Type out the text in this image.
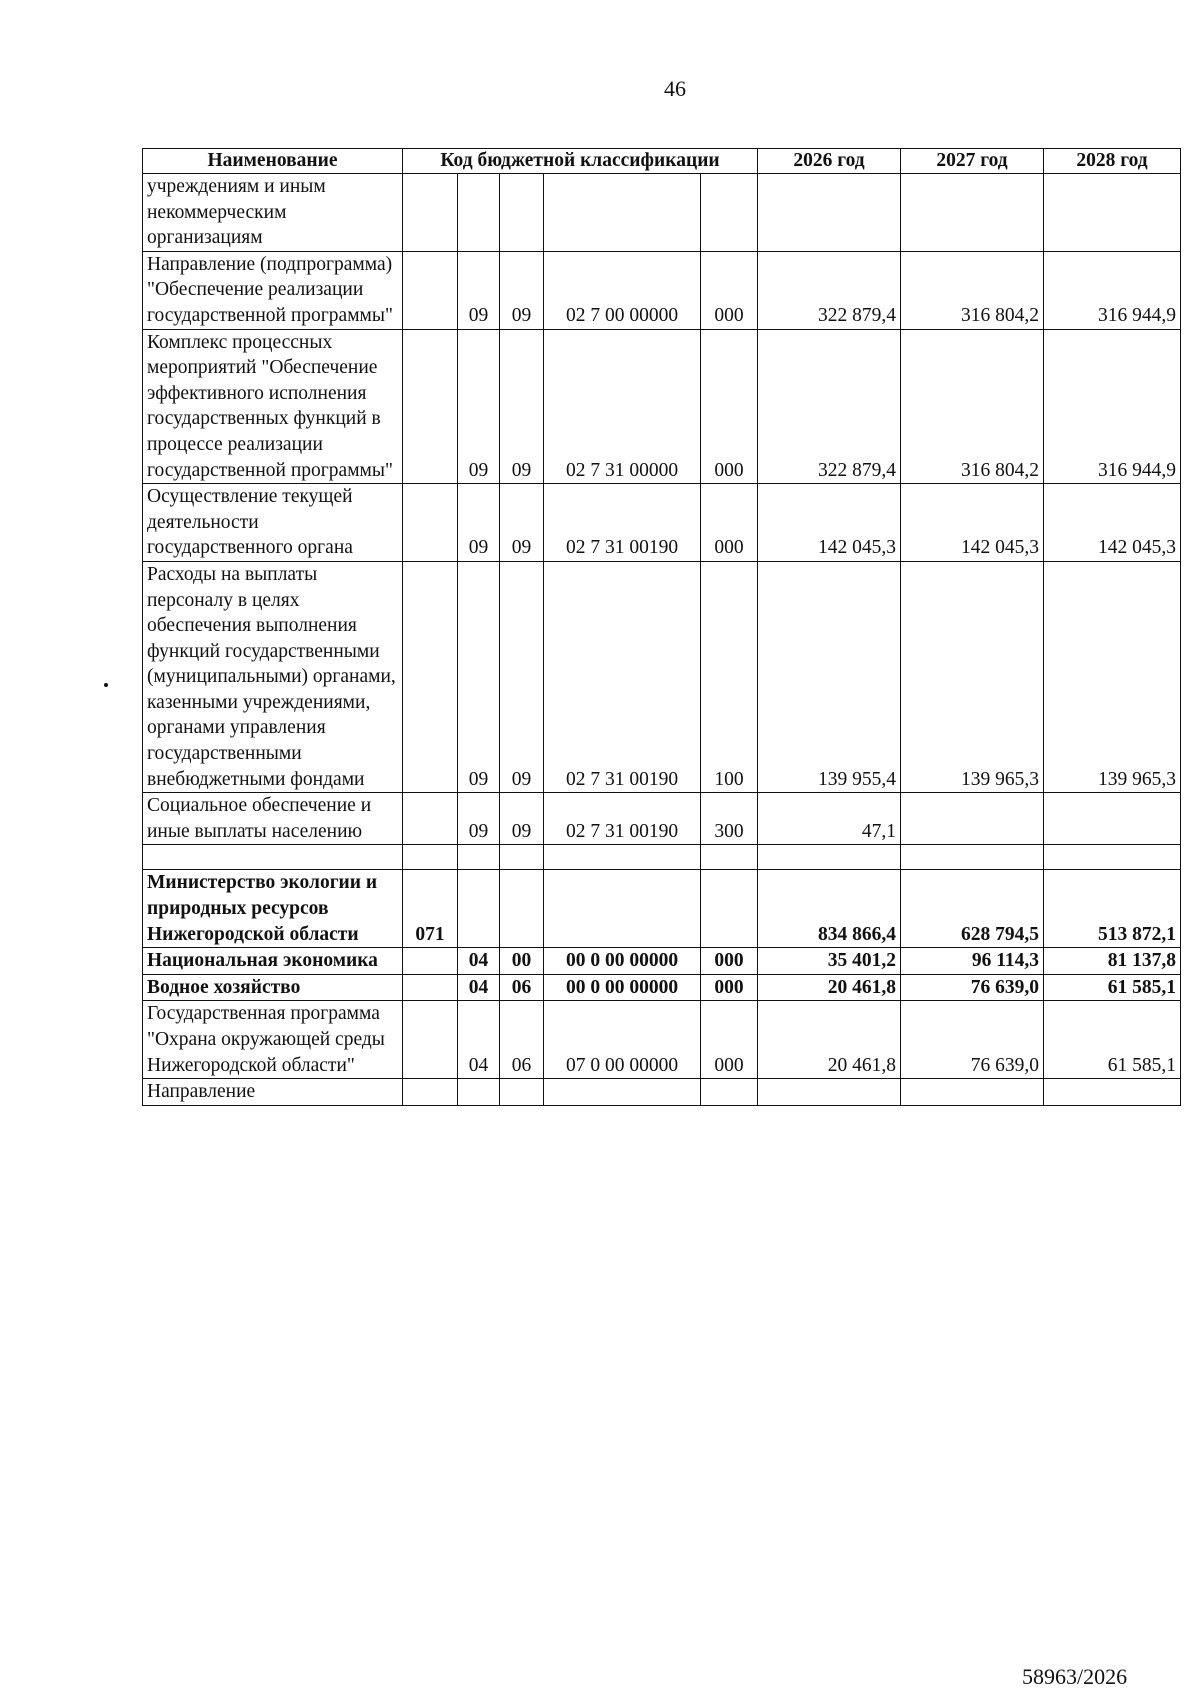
46
Наименование	Код бюджетной классификации					2026 год	2027 год	2028 год
учреждениям и иным некоммерческим организациям								
Направление (подпрограмма) "Обеспечение реализации государственной программы"		09	09	02 7 00 00000	000	322 879,4	316 804,2	316 944,9
Комплекс процессных мероприятий "Обеспечение эффективного исполнения государственных функций в процессе реализации государственной программы"		09	09	02 7 31 00000	000	322 879,4	316 804,2	316 944,9
Осуществление текущей деятельности государственного органа		09	09	02 7 31 00190	000	142 045,3	142 045,3	142 045,3
Расходы на выплаты персоналу в целях обеспечения выполнения функций государственными (муниципальными) органами, казенными учреждениями, органами управления государственными внебюджетными фондами		09	09	02 7 31 00190	100	139 955,4	139 965,3	139 965,3
Социальное обеспечение и иные выплаты населению		09	09	02 7 31 00190	300	47,1		

Министерство экологии и природных ресурсов Нижегородской области	071					834 866,4	628 794,5	513 872,1
Национальная экономика		04	00	00 0 00 00000	000	35 401,2	96 114,3	81 137,8
Водное хозяйство		04	06	00 0 00 00000	000	20 461,8	76 639,0	61 585,1
Государственная программа "Охрана окружающей среды Нижегородской области"		04	06	07 0 00 00000	000	20 461,8	76 639,0	61 585,1
Направление								
58963/2026
